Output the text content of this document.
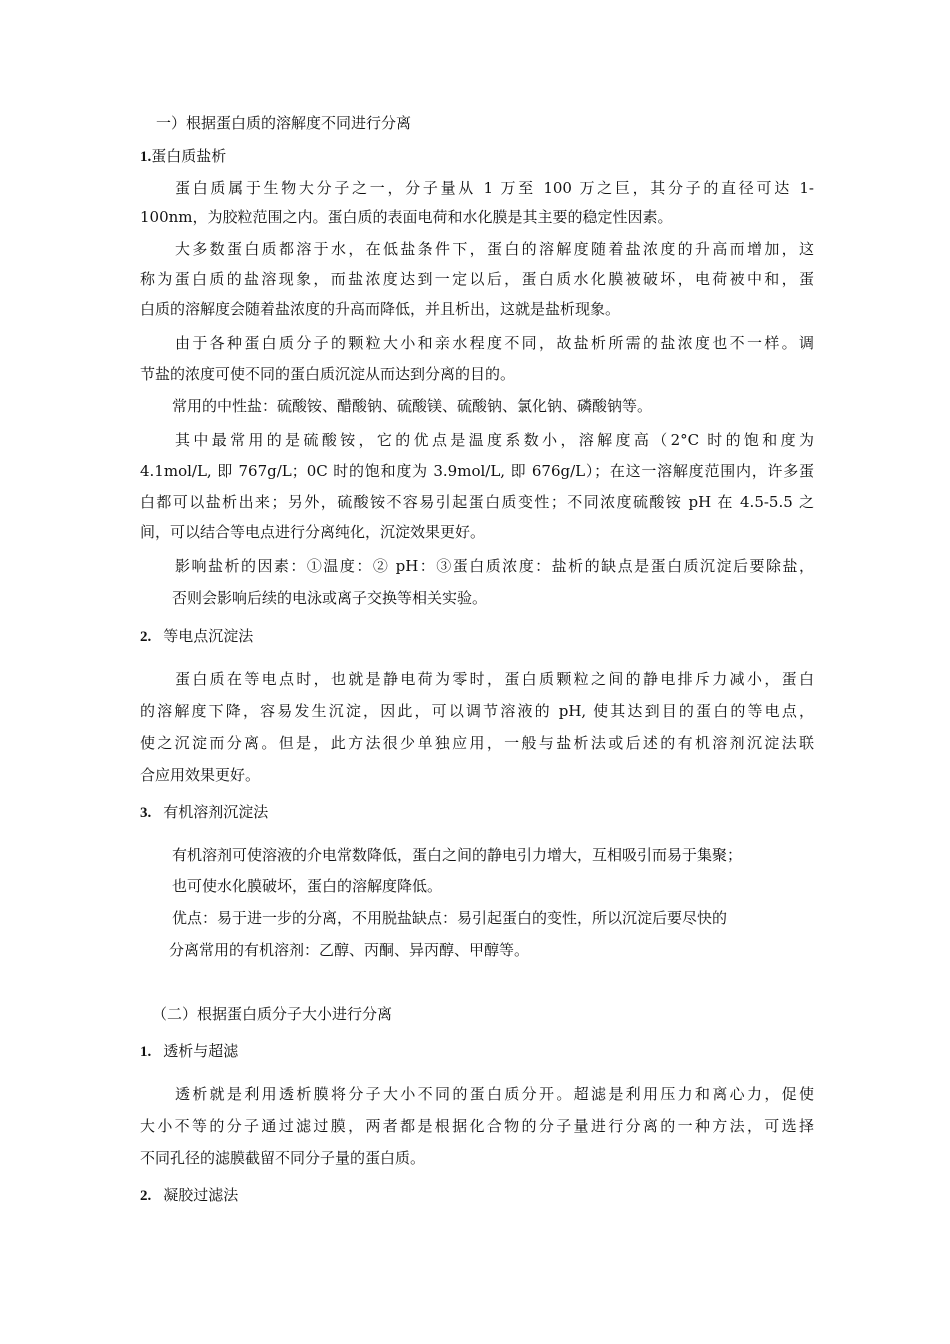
一）根据蛋白质的溶解度不同进行分离
1.蛋白质盐析
蛋白质属于生物大分子之一，分子量从 1 万至 100 万之巨，其分子的直径可达 1-
100nm，为胶粒范围之内。蛋白质的表面电荷和水化膜是其主要的稳定性因素。
大多数蛋白质都溶于水，在低盐条件下，蛋白的溶解度随着盐浓度的升高而增加，这
称为蛋白质的盐溶现象，而盐浓度达到一定以后，蛋白质水化膜被破坏，电荷被中和，蛋
白质的溶解度会随着盐浓度的升高而降低，并且析出，这就是盐析现象。
由于各种蛋白质分子的颗粒大小和亲水程度不同，故盐析所需的盐浓度也不一样。调
节盐的浓度可使不同的蛋白质沉淀从而达到分离的目的。
常用的中性盐：硫酸铵、醋酸钠、硫酸镁、硫酸钠、氯化钠、磷酸钠等。
其中最常用的是硫酸铵，它的优点是温度系数小，溶解度高（2°C 时的饱和度为
4.1mol/L, 即 767g/L；0C 时的饱和度为 3.9mol/L, 即 676g/L）；在这一溶解度范围内，许多蛋
白都可以盐析出来；另外，硫酸铵不容易引起蛋白质变性；不同浓度硫酸铵 pH 在 4.5-5.5 之
间，可以结合等电点进行分离纯化，沉淀效果更好。
影响盐析的因素：①温度：② pH：③蛋白质浓度：盐析的缺点是蛋白质沉淀后要除盐，
否则会影响后续的电泳或离子交换等相关实验。
2. 等电点沉淀法
蛋白质在等电点时，也就是静电荷为零时，蛋白质颗粒之间的静电排斥力减小，蛋白
的溶解度下降，容易发生沉淀，因此，可以调节溶液的 pH, 使其达到目的蛋白的等电点，
使之沉淀而分离。但是，此方法很少单独应用，一般与盐析法或后述的有机溶剂沉淀法联
合应用效果更好。
3. 有机溶剂沉淀法
有机溶剂可使溶液的介电常数降低，蛋白之间的静电引力增大，互相吸引而易于集聚；
也可使水化膜破坏，蛋白的溶解度降低。
优点：易于进一步的分离，不用脱盐缺点：易引起蛋白的变性，所以沉淀后要尽快的
分离常用的有机溶剂：乙醇、丙酮、异丙醇、甲醇等。
（二）根据蛋白质分子大小进行分离
1. 透析与超滤
透析就是利用透析膜将分子大小不同的蛋白质分开。超滤是利用压力和离心力，促使
大小不等的分子通过滤过膜，两者都是根据化合物的分子量进行分离的一种方法，可选择
不同孔径的滤膜截留不同分子量的蛋白质。
2. 凝胶过滤法
